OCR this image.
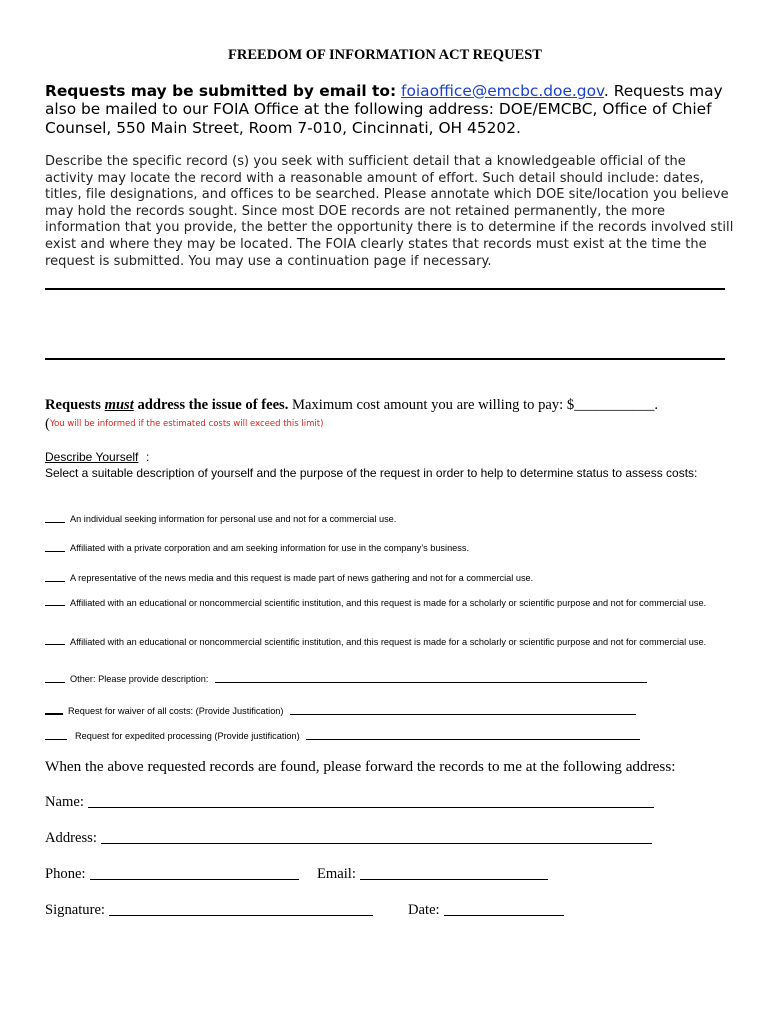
FREEDOM OF INFORMATION ACT REQUEST
Requests may be submitted by email to: foiaoffice@emcbc.doe.gov. Requests may also be mailed to our FOIA Office at the following address: DOE/EMCBC, Office of Chief Counsel, 550 Main Street, Room 7-010, Cincinnati, OH 45202.
Describe the specific record (s) you seek with sufficient detail that a knowledgeable official of the activity may locate the record with a reasonable amount of effort. Such detail should include: dates, titles, file designations, and offices to be searched. Please annotate which DOE site/location you believe may hold the records sought. Since most DOE records are not retained permanently, the more information that you provide, the better the opportunity there is to determine if the records involved still exist and where they may be located. The FOIA clearly states that records must exist at the time the request is submitted. You may use a continuation page if necessary.
Requests must address the issue of fees. Maximum cost amount you are willing to pay: $___________.
(You will be informed if the estimated costs will exceed this limit)
Describe Yourself :
Select a suitable description of yourself and the purpose of the request in order to help to determine status to assess costs:
An individual seeking information for personal use and not for a commercial use.
Affiliated with a private corporation and am seeking information for use in the company’s business.
A representative of the news media and this request is made part of news gathering and not for a commercial use.
Affiliated with an educational or noncommercial scientific institution, and this request is made for a scholarly or scientific purpose and not for commercial use.
Affiliated with an educational or noncommercial scientific institution, and this request is made for a scholarly or scientific purpose and not for commercial use.
Other: Please provide description:
Request for waiver of all costs: (Provide Justification)
Request for expedited processing (Provide justification)
When the above requested records are found, please forward the records to me at the following address:
Name:
Address:
Phone:	Email:
Signature:	Date:
